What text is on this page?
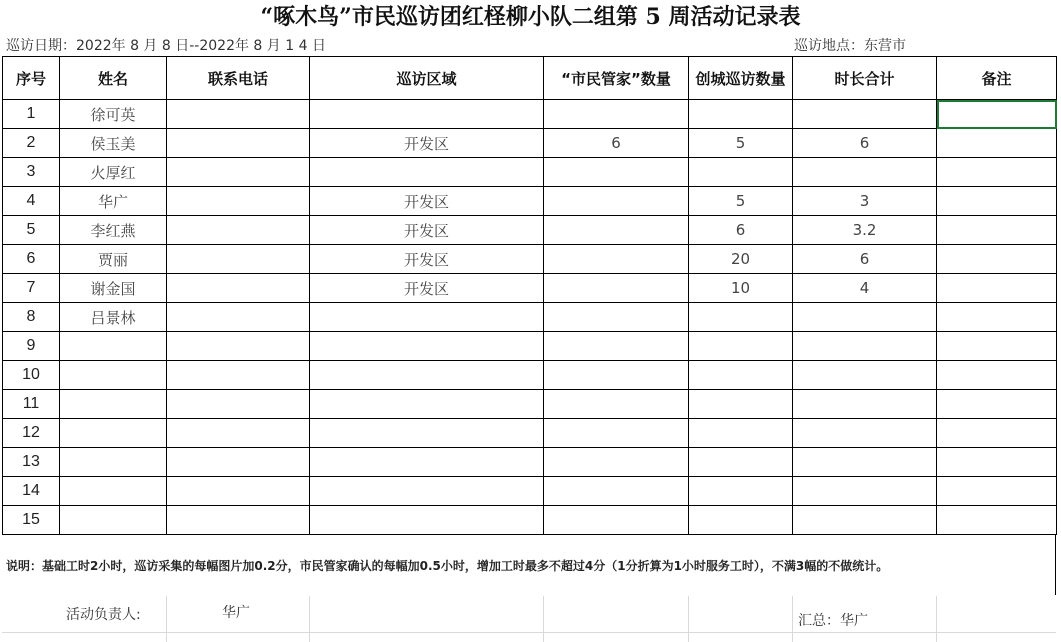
“啄木鸟”市民巡访团红柽柳小队二组第 5 周活动记录表
巡访日期：2022年 8 月 8 日--2022年 8 月 1 4 日	巡访地点：东营市
序号	姓名	联系电话	巡访区域	“市民管家”数量	创城巡访数量	时长合计	备注
1	徐可英						
2	侯玉美		开发区	6	5	6	
3	火厚红						
4	华广		开发区		5	3	
5	李红燕		开发区		6	3.2	
6	贾丽		开发区		20	6	
7	谢金国		开发区		10	4	
8	吕景林						
9							
10							
11							
12							
13							
14							
15							
说明：基础工时2小时，巡访采集的每幅图片加0.2分，市民管家确认的每幅加0.5小时，增加工时最多不超过4分（1分折算为1小时服务工时），不满3幅的不做统计。
活动负责人:	华广	汇总：华广
